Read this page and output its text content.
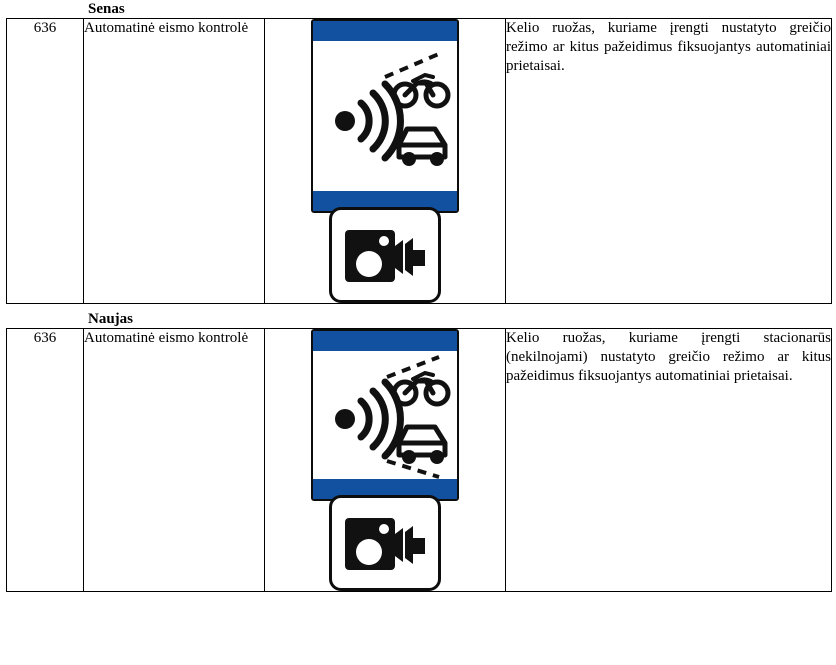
Senas
636	Automatinė eismo kontrolė		Kelio ruožas, kuriame įrengti nustatyto greičio režimo ar kitus pažeidimus fiksuojantys automatiniai prietaisai.
Naujas
636	Automatinė eismo kontrolė		Kelio ruožas, kuriame įrengti stacionarūs (nekilnojami) nustatyto greičio režimo ar kitus pažeidimus fiksuojantys automatiniai prietaisai.
